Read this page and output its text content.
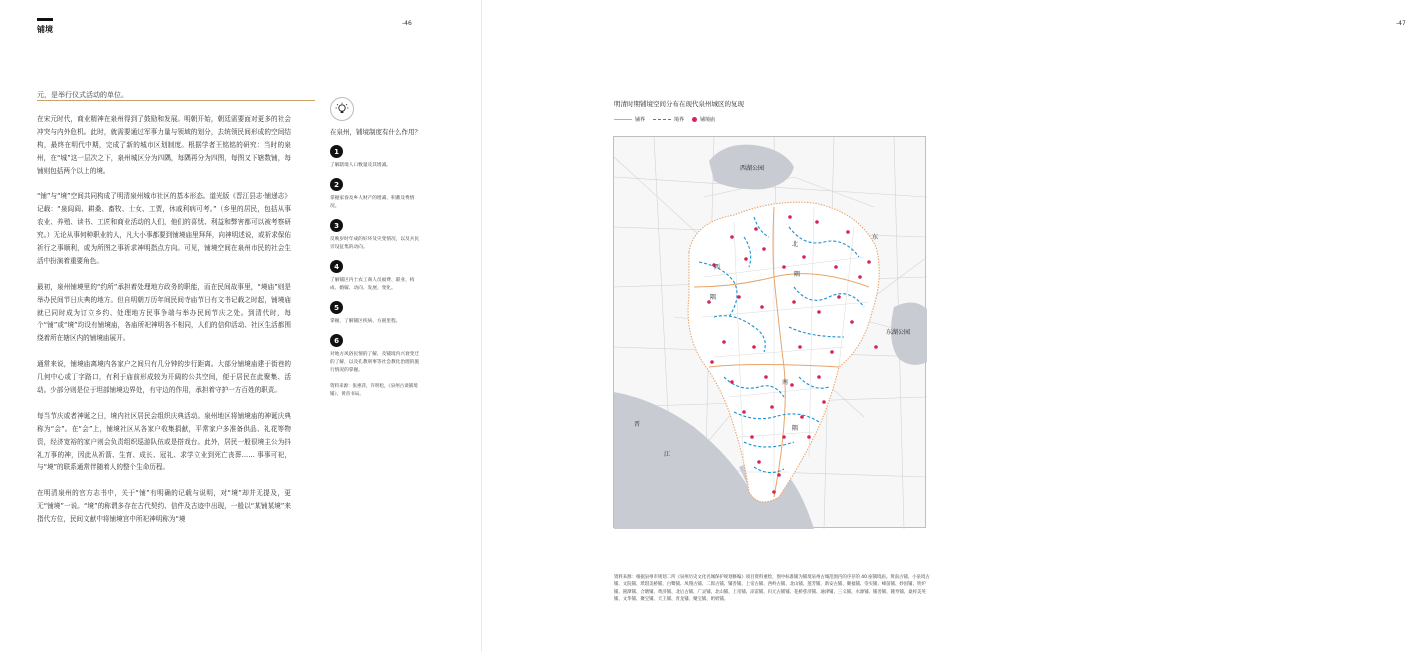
铺境
-46
元，是举行仪式活动的单位。

在宋元时代，商业精神在泉州得到了鼓励和发展。明朝开始，朝廷需要面对更多的社会冲突与内外危机。此时，就需要通过军事力量与领域的划分，去统领民间形成的空间结构，最终在明代中期，完成了新的城市区划制度。根据学者王铭铭的研究：当时的泉州，在“城”这一层次之下，泉州城区分为四隅，每隅再分为四图，每图又下辖数铺，每铺则包括两个以上的境。

“铺”与“境”空间共同构成了明清泉州城市社区的基本形态。道光版《晋江县志·铺递志》记载：“泉闾阎、耕桑、畜牧、士女、工贾，休戚利病可考。”（乡里的居民，包括从事农业、养殖、读书、工匠和商业活动的人们，他们的喜忧、利益和弊害都可以被考察研究。）无论从事何种职业的人，凡大小事都要到铺境庙里拜拜，向神明述说，或祈求保佑祈行之事顺利，或为所图之事祈求神明指点方向。可见，铺境空间在泉州市民的社会生活中扮演着重要角色。

最初，泉州铺境里的“约所”承担着处理地方政务的职能，而在民间故事里，“境庙”则是举办民间节日庆典的地方。但自明朝万历年间民间寺庙节日有文书记载之时起，铺境庙就已同时成为订立乡约、处理地方民事争端与举办民间节庆之处。到清代时，每个“铺”或“境”均设有铺境庙，各庙所祀神明各不相同，人们的信仰活动、社区生活都围绕着所在辖区内的铺境庙展开。

通常来说，铺境庙离境内各家户之间只有几分钟的步行距离。大部分铺境庙建于街巷的几何中心或丁字路口，有利于庙前形成较为开阔的公共空间，便于居民在此聚集、活动。少部分则是位于坦部铺境边界处，有守边的作用，承担着守护一方百姓的职责。

每当节庆或者神诞之日，境内社区居民会组织庆典活动。泉州地区将铺境庙的神诞庆典称为“会”。在“会”上，铺境社区从各家户收集捐献，平常家户多准备供品、礼花等物资，经济宽裕的家户则会负责组织巡游队伍或是搭戏台。此外，居民一般很境主公为抖礼万事的神，因此从祈箭、生育、成长、冠礼、求学立业到死亡丧葬…… 事事可祀，与“境”的联系通常伴随着人的整个生命历程。

在明清泉州的官方志书中，关于“铺”有明确的记载与说明，对“境”却并无提及，更无“铺境”一说。“境”的称谓多存在古代契约、信件及古迹中出现，一般以“某铺某境”来指代方位，民间文献中将铺境宫中所祀神明称为“境

在泉州，铺境制度有什么作用？
1
了解辖境人口数量及其增减。
2
掌握家眷及乡人财产的增减、积蓄及费情况。
3
反映岁时年成的好坏及灾变情况，以及兵民旁设征集的动向。
4
了解铺区内士农工商人员福费、职业、构成、婚嫁、动向、发展、变化。
5
掌握、了解铺区疾病、方圆里程。
6
对地方风俗民情的了解，及铺境内兴衰变迁的了解，以及孔教刑事等社会教化治理的施行情况的掌握。
资料来源：张惠萍，许明松，《泉州古谈铺境铺》，黄帝书局。
-47
明清时期铺境空间分布在现代泉州城区的复现
铺界	境界	铺境庙
西湖公园
东湖公园
晋
江
西
隅
北
隅
东
南
隅
资料来源：根据泉州市规划二所《泉州历史文化名城保护规划修编》项目资料重绘，图中标准铺为铺境泉州古城范围内的序存的 40 座铺境庙。黄南古铺、小泉境古铺、文院铺、玳瑁美桥铺、白鹭铺、凤翔古铺、二郎古铺、铺善铺、上帝古铺、西岭古铺、北山铺、莲芳铺、新安古铺、聚福铺、崇实铺、峰前铺、妙因铺、铁炉铺、圆潭铺、合塘铺、黄济铺、北后古铺、广灵铺、北山铺、上帝铺、凉雷铺、归元古铺铺、花桥慈济铺、通津铺、三义铺、水源铺、铺善铺、隆寿铺、桑梓美英铺、文华铺、聚宝铺、天王铺、青龙铺、聚宝铺、奶奶铺。
